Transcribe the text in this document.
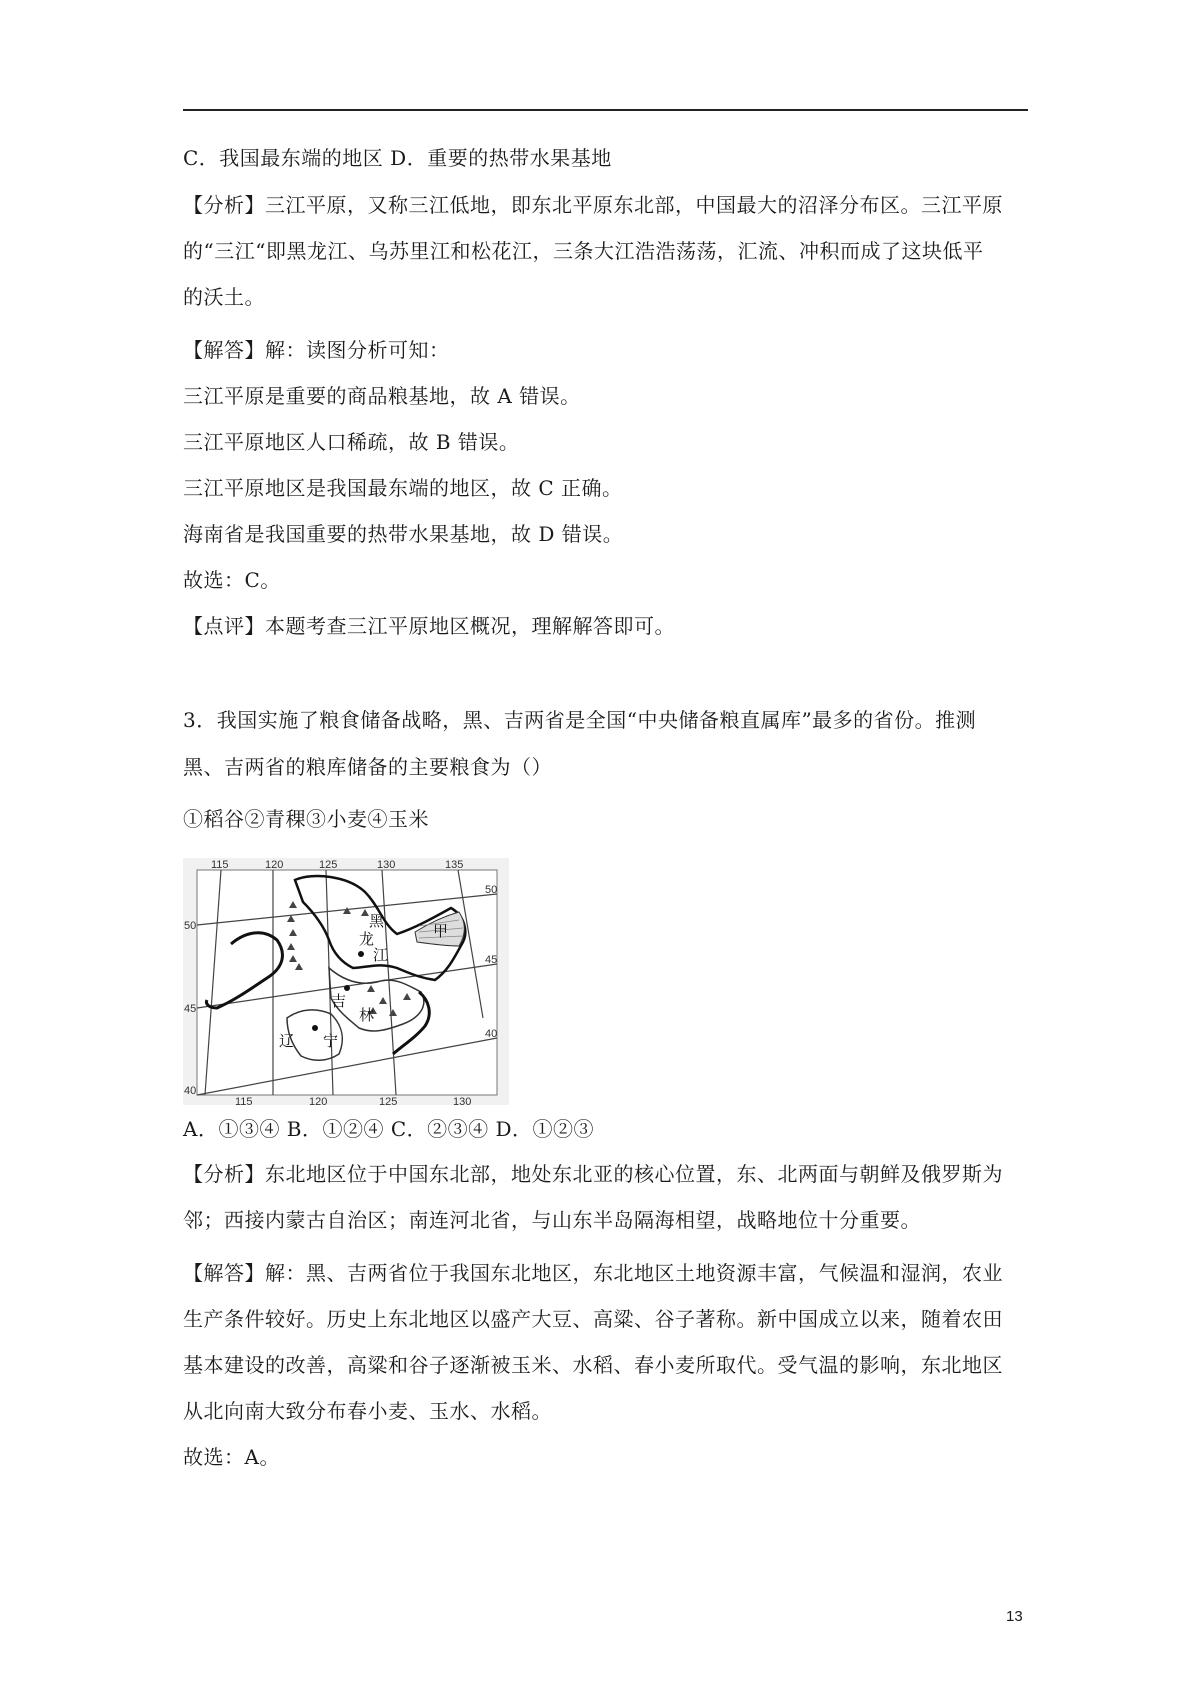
C．我国最东端的地区 D．重要的热带水果基地
【分析】三江平原，又称三江低地，即东北平原东北部，中国最大的沼泽分布区。三江平原
的“三江“即黑龙江、乌苏里江和松花江，三条大江浩浩荡荡，汇流、冲积而成了这块低平
的沃土。
【解答】解：读图分析可知：
三江平原是重要的商品粮基地，故 A 错误。
三江平原地区人口稀疏，故 B 错误。
三江平原地区是我国最东端的地区，故 C 正确。
海南省是我国重要的热带水果基地，故 D 错误。
故选：C。
【点评】本题考查三江平原地区概况，理解解答即可。
3．我国实施了粮食储备战略，黑、吉两省是全国“中央储备粮直属库”最多的省份。推测
黑、吉两省的粮库储备的主要粮食为（）
①稻谷②青稞③小麦④玉米
115	120	125	130	135
115	120	125	130
50
45
40
50
45
40
黑
龙
江
吉
林
辽 宁
甲
A．①③④ B．①②④ C．②③④ D．①②③
【分析】东北地区位于中国东北部，地处东北亚的核心位置，东、北两面与朝鲜及俄罗斯为
邻；西接内蒙古自治区；南连河北省，与山东半岛隔海相望，战略地位十分重要。
【解答】解：黑、吉两省位于我国东北地区，东北地区土地资源丰富，气候温和湿润，农业
生产条件较好。历史上东北地区以盛产大豆、高粱、谷子著称。新中国成立以来，随着农田
基本建设的改善，高粱和谷子逐渐被玉米、水稻、春小麦所取代。受气温的影响，东北地区
从北向南大致分布春小麦、玉水、水稻。
故选：A。
13
